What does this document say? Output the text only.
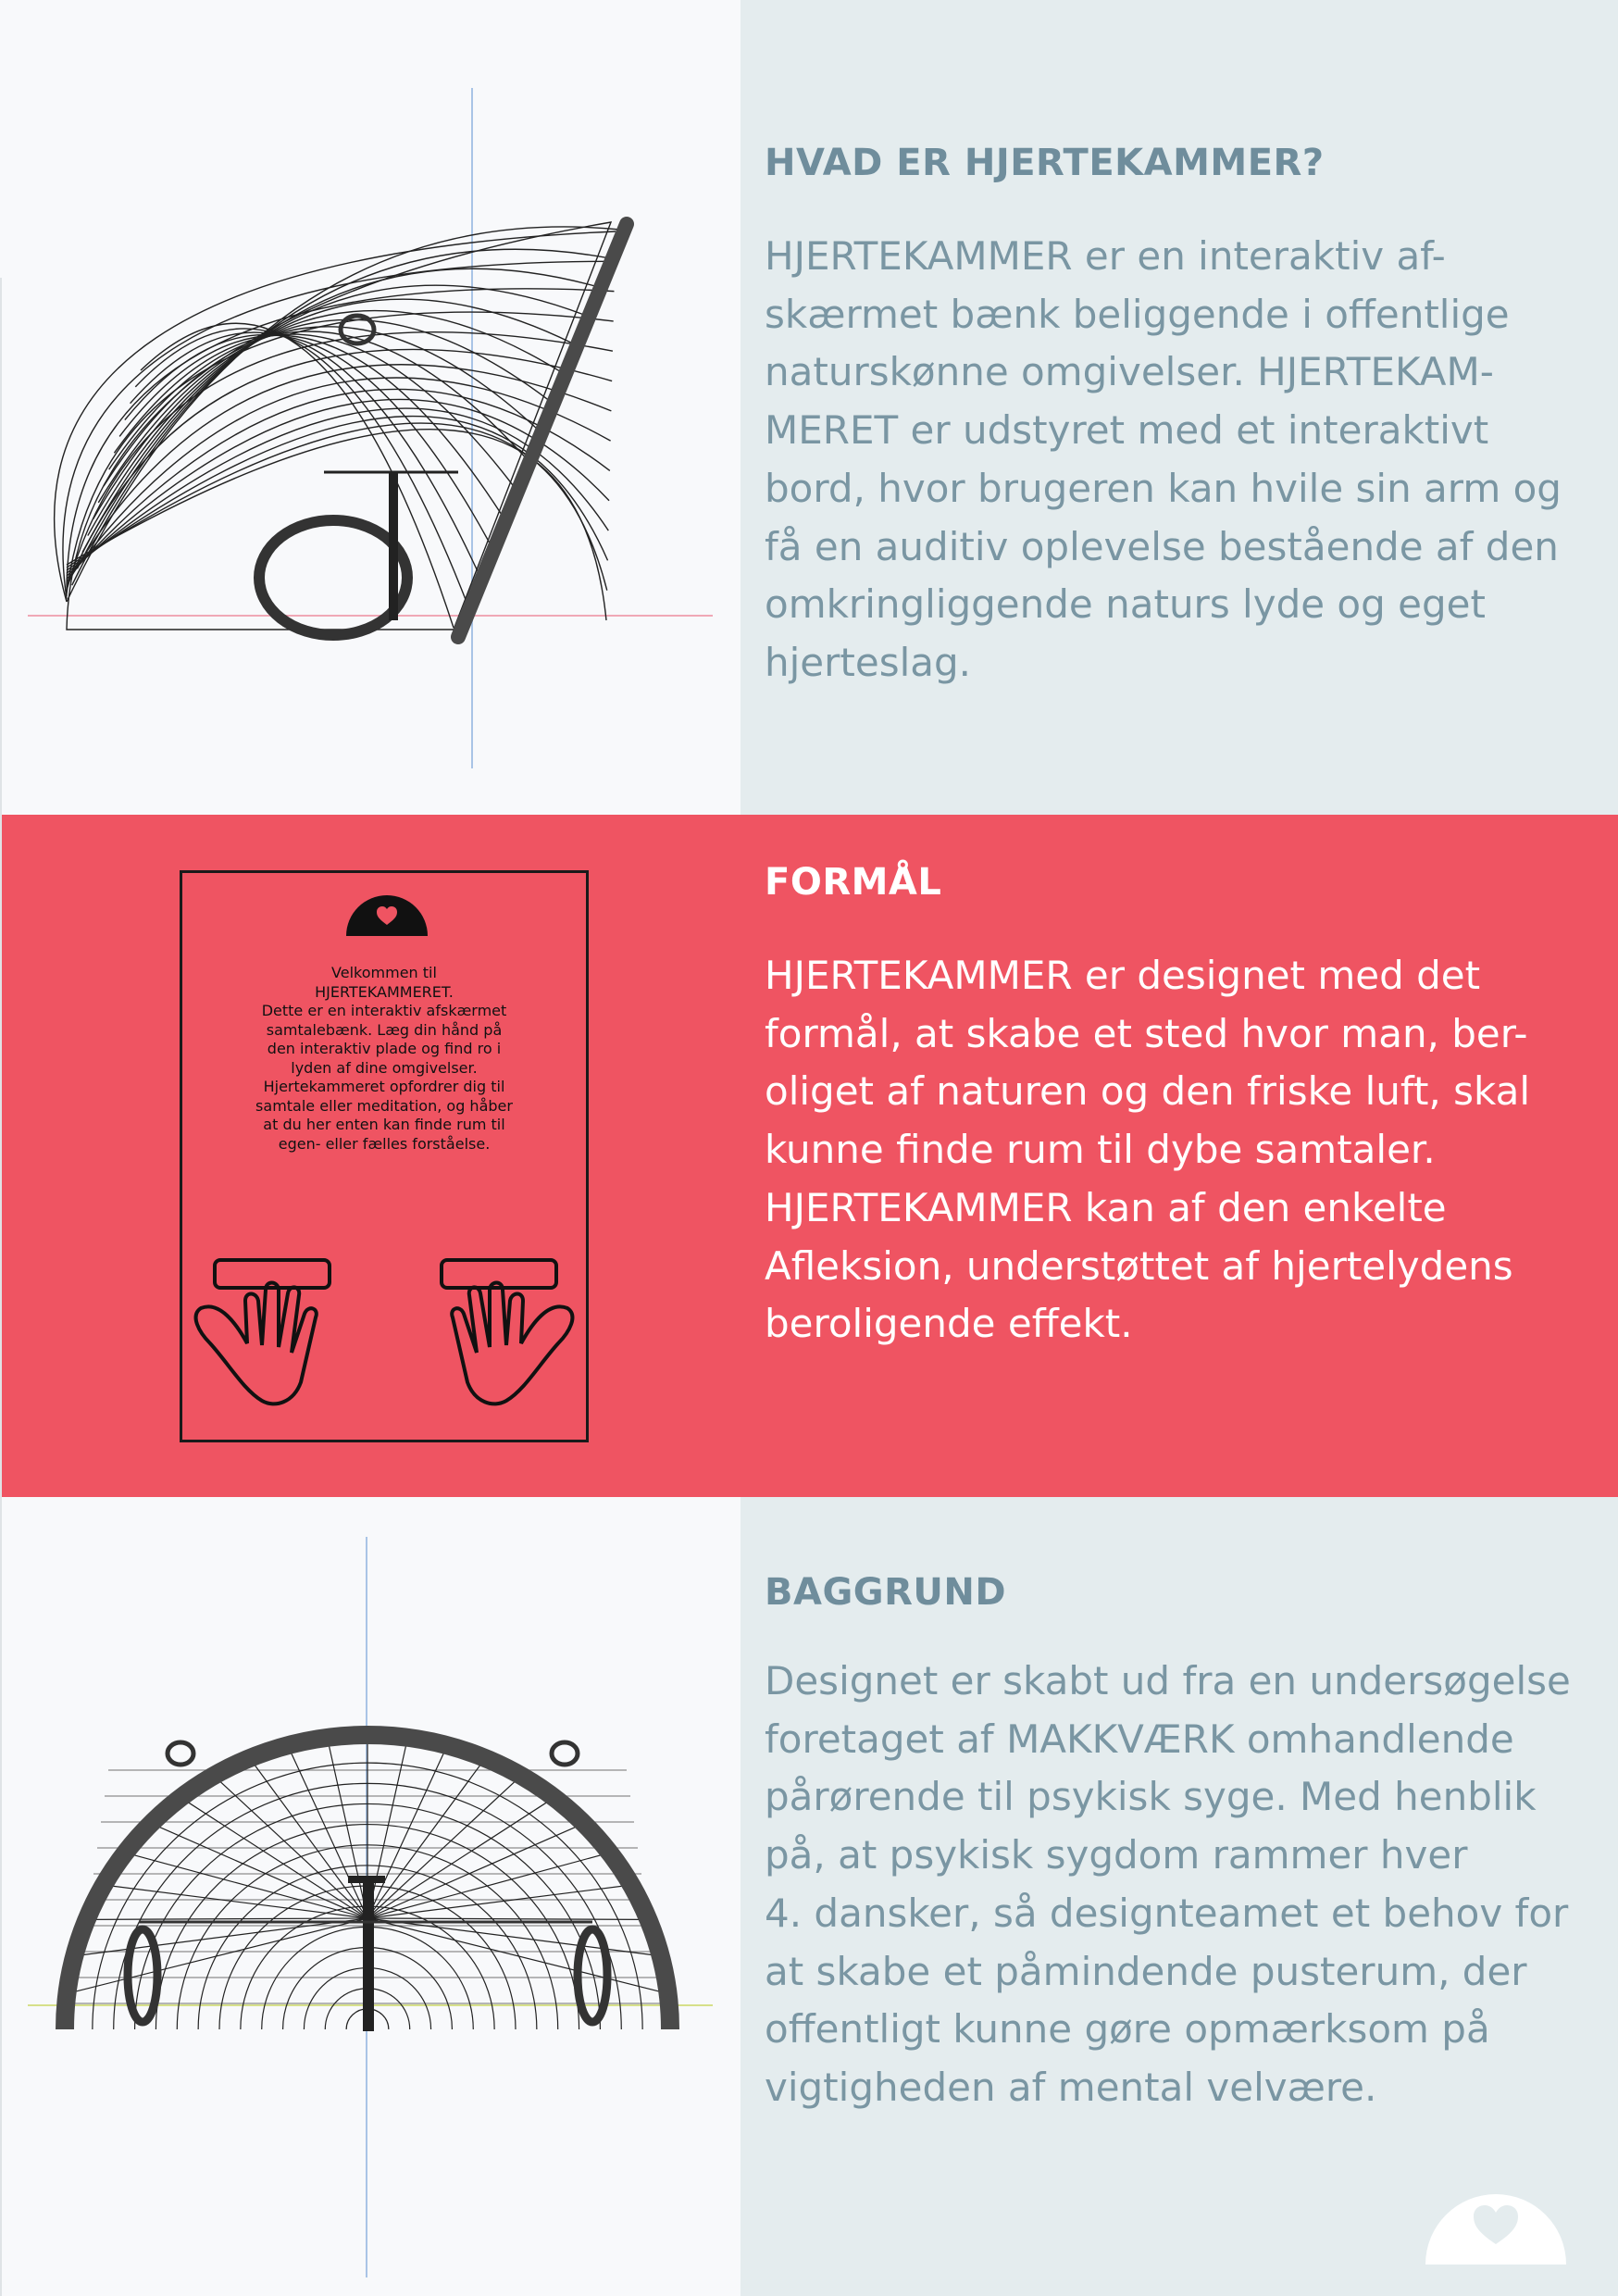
HVAD ER HJERTEKAMMER?

HJERTEKAMMER er en interaktiv af-
skærmet bænk beliggende i offentlige
naturskønne omgivelser. HJERTEKAM-
MERET er udstyret med et interaktivt
bord, hvor brugeren kan hvile sin arm og
få en auditiv oplevelse bestående af den
omkringliggende naturs lyde og eget
hjerteslag.

Velkommen til
HJERTEKAMMERET.
Dette er en interaktiv afskærmet
samtalebænk. Læg din hånd på
den interaktiv plade og find ro i
lyden af dine omgivelser.
Hjertekammeret opfordrer dig til
samtale eller meditation, og håber
at du her enten kan finde rum til
egen- eller fælles forståelse.
FORMÅL

HJERTEKAMMER er designet med det
formål, at skabe et sted hvor man, ber-
oliget af naturen og den friske luft, skal
kunne finde rum til dybe samtaler.
HJERTEKAMMER kan af den enkelte
Afleksion, understøttet af hjertelydens
beroligende effekt.

BAGGRUND

Designet er skabt ud fra en undersøgelse
foretaget af MAKKVÆRK omhandlende
pårørende til psykisk syge. Med henblik
på, at psykisk sygdom rammer hver
4. dansker, så designteamet et behov for
at skabe et påmindende pusterum, der
offentligt kunne gøre opmærksom på
vigtigheden af mental velvære.

HJERTEKAMMER
